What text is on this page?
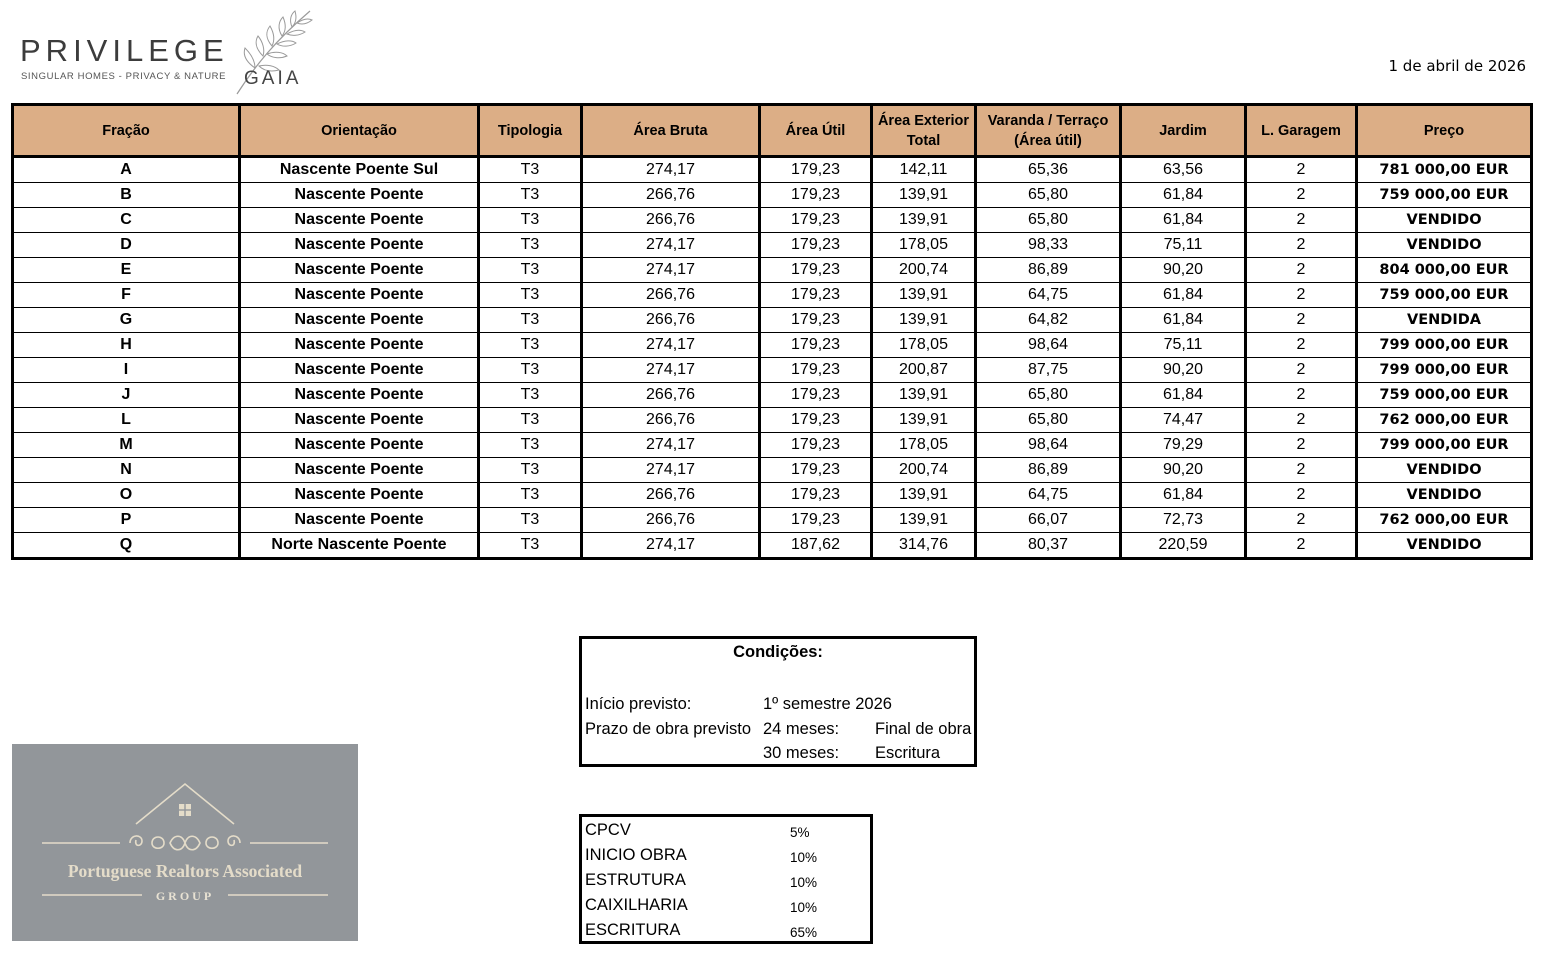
PRIVILEGE
SINGULAR HOMES - PRIVACY & NATURE GAIA
1 de abril de 2026
Fração	Orientação	Tipologia	Área Bruta	Área Útil	Área Exterior Total	Varanda / Terraço (Área útil)	Jardim	L. Garagem	Preço
A	Nascente Poente Sul	T3	274,17	179,23	142,11	65,36	63,56	2	781 000,00 EUR
B	Nascente Poente	T3	266,76	179,23	139,91	65,80	61,84	2	759 000,00 EUR
C	Nascente Poente	T3	266,76	179,23	139,91	65,80	61,84	2	VENDIDO
D	Nascente Poente	T3	274,17	179,23	178,05	98,33	75,11	2	VENDIDO
E	Nascente Poente	T3	274,17	179,23	200,74	86,89	90,20	2	804 000,00 EUR
F	Nascente Poente	T3	266,76	179,23	139,91	64,75	61,84	2	759 000,00 EUR
G	Nascente Poente	T3	266,76	179,23	139,91	64,82	61,84	2	VENDIDA
H	Nascente Poente	T3	274,17	179,23	178,05	98,64	75,11	2	799 000,00 EUR
I	Nascente Poente	T3	274,17	179,23	200,87	87,75	90,20	2	799 000,00 EUR
J	Nascente Poente	T3	266,76	179,23	139,91	65,80	61,84	2	759 000,00 EUR
L	Nascente Poente	T3	266,76	179,23	139,91	65,80	74,47	2	762 000,00 EUR
M	Nascente Poente	T3	274,17	179,23	178,05	98,64	79,29	2	799 000,00 EUR
N	Nascente Poente	T3	274,17	179,23	200,74	86,89	90,20	2	VENDIDO
O	Nascente Poente	T3	266,76	179,23	139,91	64,75	61,84	2	VENDIDO
P	Nascente Poente	T3	266,76	179,23	139,91	66,07	72,73	2	762 000,00 EUR
Q	Norte Nascente Poente	T3	274,17	187,62	314,76	80,37	220,59	2	VENDIDO
Condições:
Início previsto:	1º semestre 2026
Prazo de obra previsto 24 meses: Final de obra
30 meses: Escritura
CPCV	5%
INICIO OBRA	10%
ESTRUTURA	10%
CAIXILHARIA	10%
ESCRITURA	65%
Portuguese Realtors Associated
GROUP
